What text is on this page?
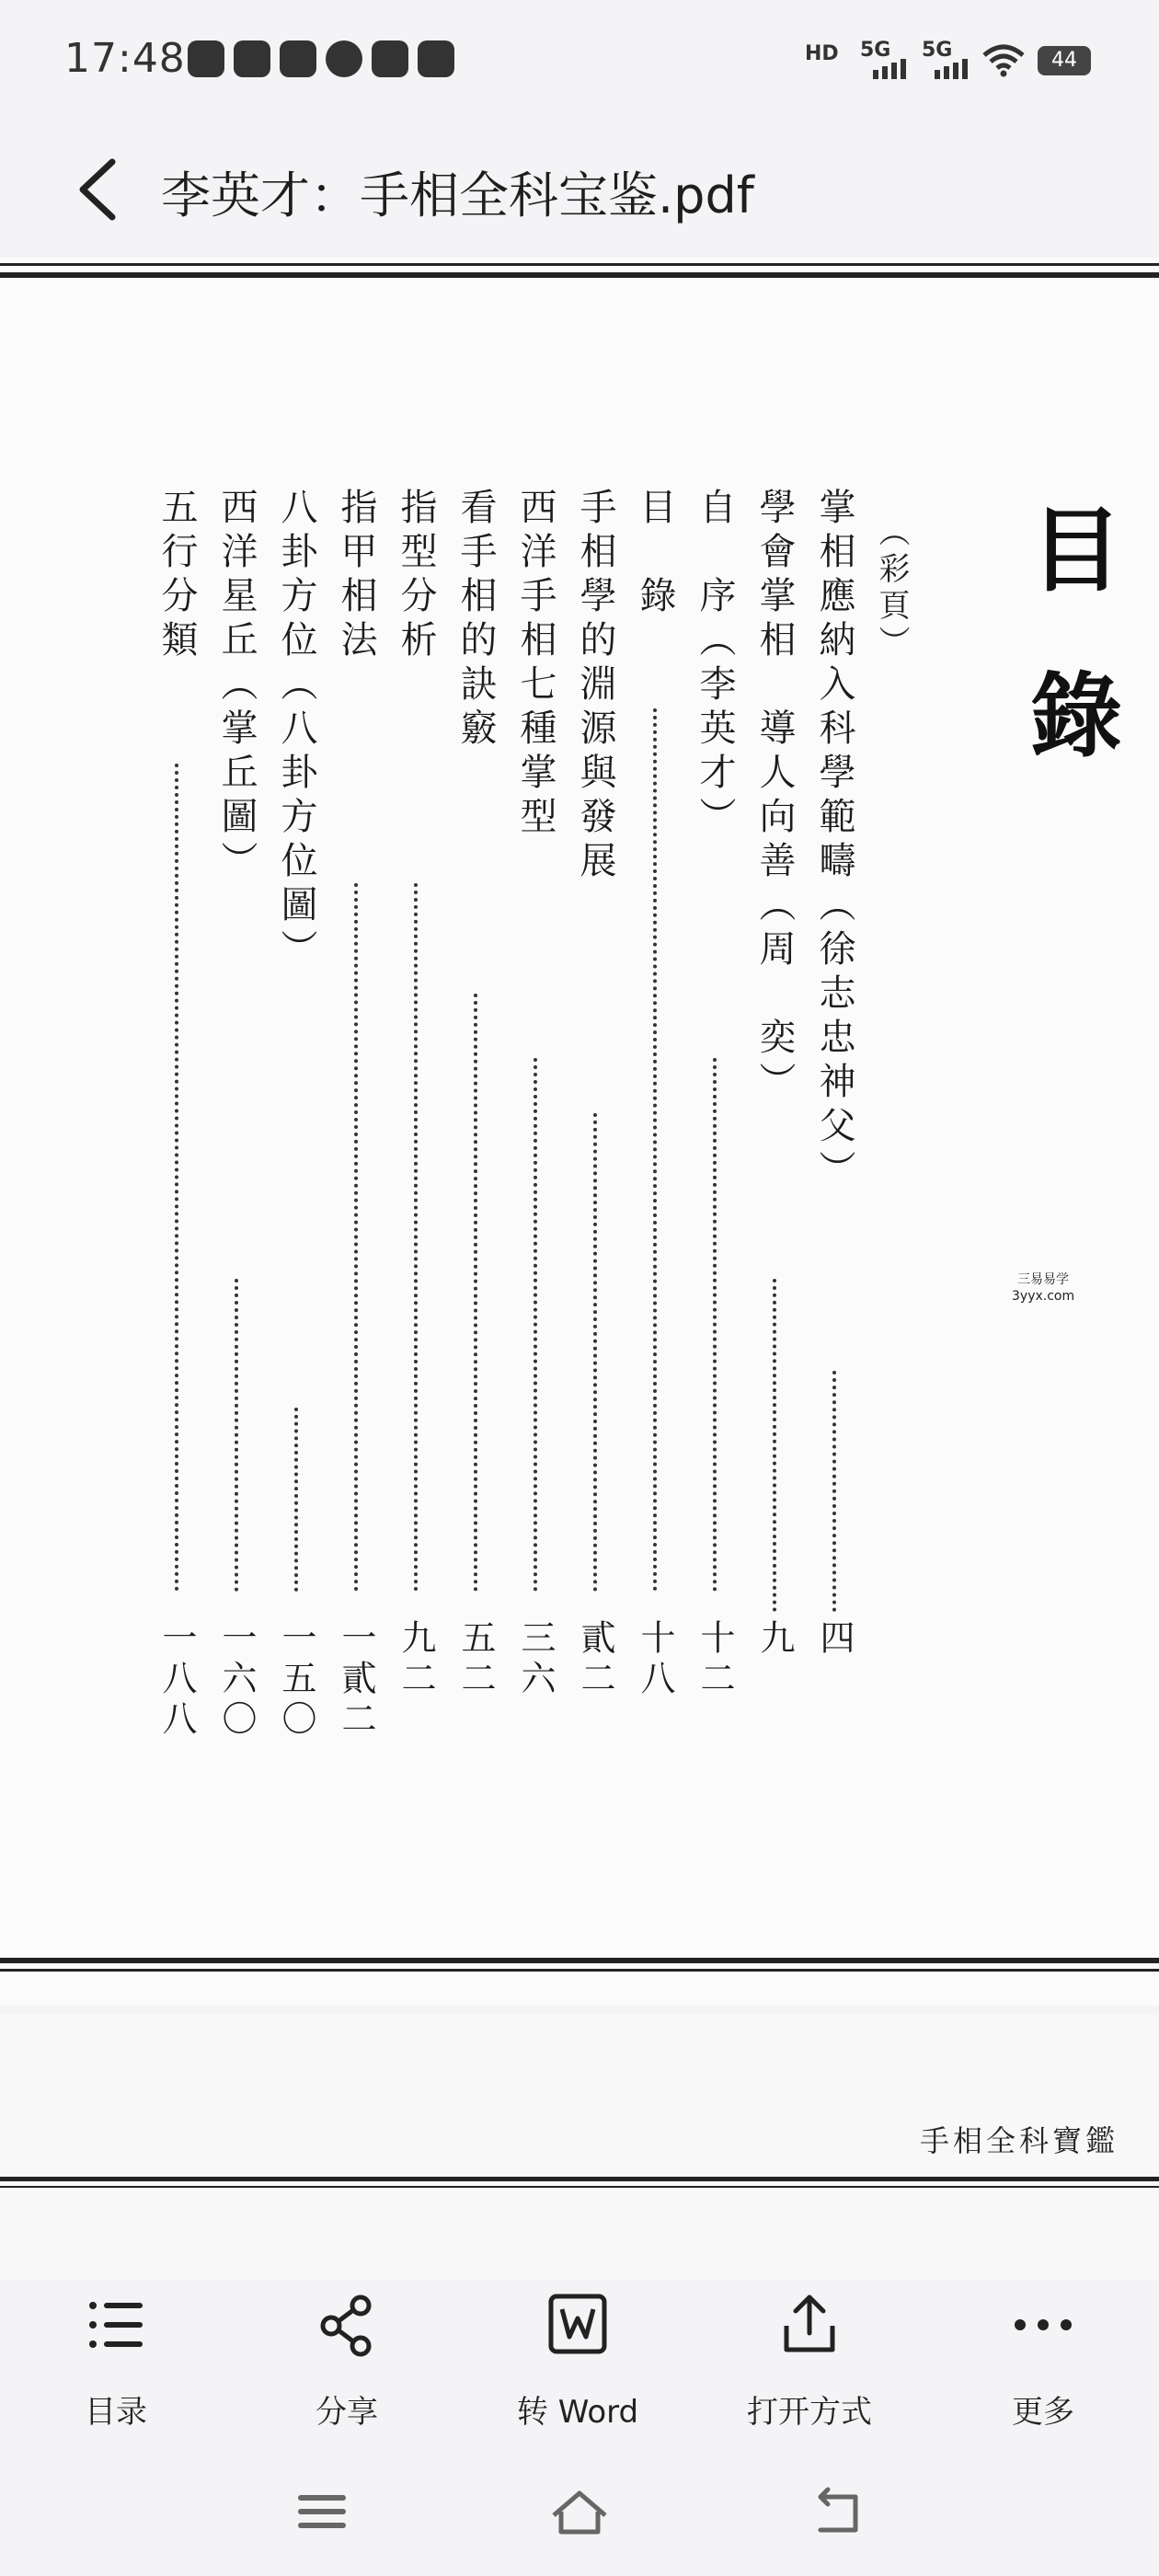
17:48	HD 5G 5G	44
李英才：手相全科宝鉴.pdf
目錄
（彩頁）
掌相應納入科學範疇（徐志忠神父）
四
學會掌相　導人向善（周　奕）
九
自　序（李英才）
十二
目　錄
十八
手相學的淵源與發展
貳二
西洋手相七種掌型
三六
看手相的訣竅
五二
指型分析
九二
指甲相法
一貳二
八卦方位（八卦方位圖）
一五〇
西洋星丘（掌丘圖）
一六〇
五行分類
一八八
三易易学
3yyx.com
手相全科寶鑑
目录	分享	转 Word	打开方式	更多
